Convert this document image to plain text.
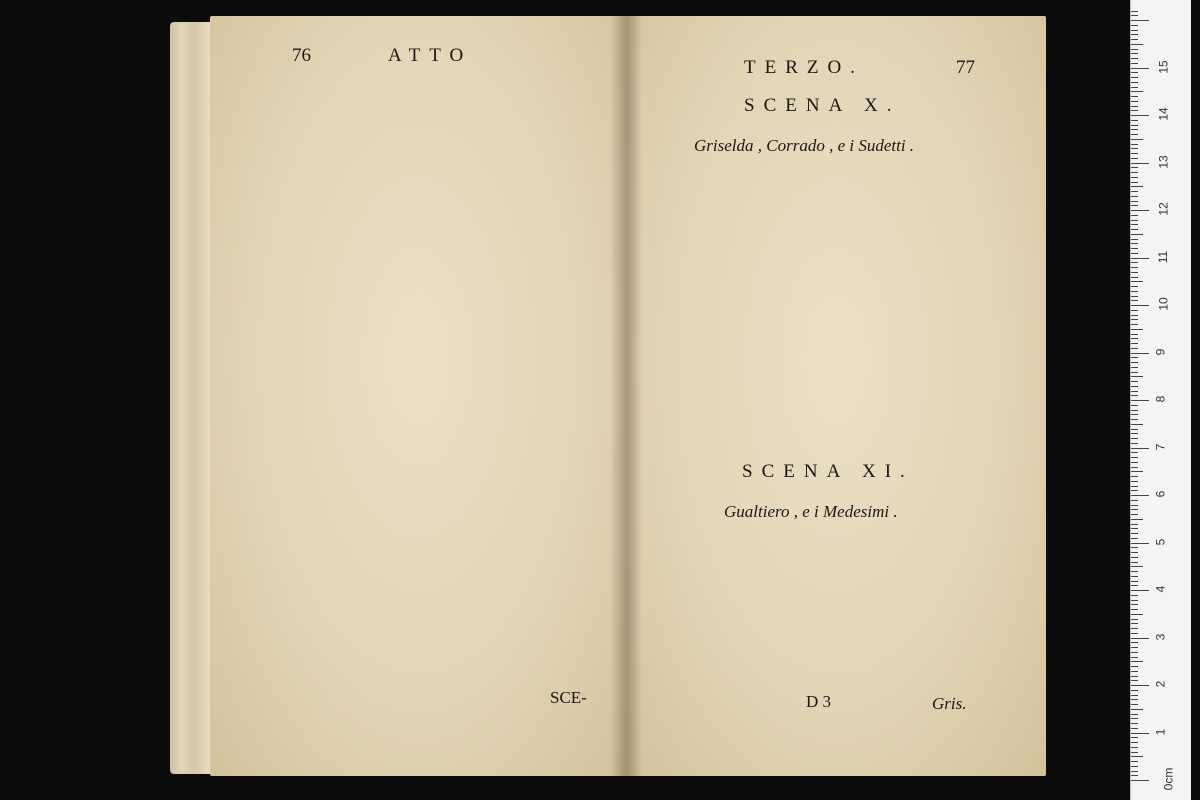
76	ATTO
SCE-
TERZO.	77
SCENA X.
Griselda , Corrado , e i Sudetti .
SCENA XI.
Gualtiero , e i Medesimi .
D 3	Gris.
15
14
13
12
11
10
9
8
7
6
5
4
3
2
1
0cm
